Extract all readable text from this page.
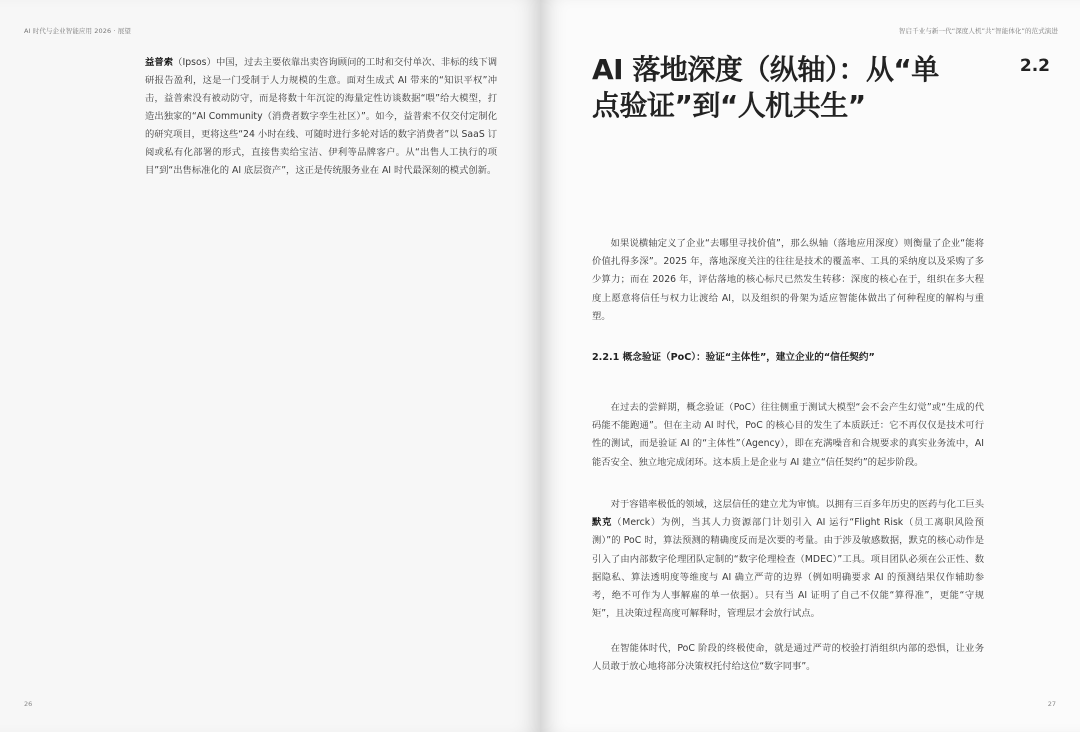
AI 时代与企业智能应用 2026 · 展望
益普索（Ipsos）中国，过去主要依靠出卖咨询顾问的工时和交付单次、非标的线下调研报告盈利，这是一门受制于人力规模的生意。面对生成式 AI 带来的“知识平权”冲击，益普索没有被动防守，而是将数十年沉淀的海量定性访谈数据“喂”给大模型，打造出独家的“AI Community（消费者数字孪生社区）”。如今，益普索不仅交付定制化的研究项目，更将这些“24 小时在线、可随时进行多轮对话的数字消费者”以 SaaS 订阅或私有化部署的形式，直接售卖给宝洁、伊利等品牌客户。从“出售人工执行的项目”到“出售标准化的 AI 底层资产”，这正是传统服务业在 AI 时代最深刻的模式创新。
26
智启千业与新一代“深度人机”共“智能体化”的范式演进
AI 落地深度（纵轴）：从“单点验证”到“人机共生”
2.2

如果说横轴定义了企业“去哪里寻找价值”，那么纵轴（落地应用深度）则衡量了企业“能将价值扎得多深”。2025 年，落地深度关注的往往是技术的覆盖率、工具的采纳度以及采购了多少算力；而在 2026 年，评估落地的核心标尺已然发生转移：深度的核心在于，组织在多大程度上愿意将信任与权力让渡给 AI，以及组织的骨架为适应智能体做出了何种程度的解构与重塑。

2.2.1 概念验证（PoC）：验证“主体性”，建立企业的“信任契约”

在过去的尝鲜期，概念验证（PoC）往往侧重于测试大模型“会不会产生幻觉”或“生成的代码能不能跑通”。但在主动 AI 时代，PoC 的核心目的发生了本质跃迁：它不再仅仅是技术可行性的测试，而是验证 AI 的“主体性”（Agency），即在充满噪音和合规要求的真实业务流中，AI 能否安全、独立地完成闭环。这本质上是企业与 AI 建立“信任契约”的起步阶段。

对于容错率极低的领域，这层信任的建立尤为审慎。以拥有三百多年历史的医药与化工巨头默克（Merck）为例，当其人力资源部门计划引入 AI 运行“Flight Risk（员工离职风险预测）”的 PoC 时，算法预测的精确度反而是次要的考量。由于涉及敏感数据，默克的核心动作是引入了由内部数字伦理团队定制的“数字伦理检查（MDEC）”工具。项目团队必须在公正性、数据隐私、算法透明度等维度与 AI 确立严苛的边界（例如明确要求 AI 的预测结果仅作辅助参考，绝不可作为人事解雇的单一依据）。只有当 AI 证明了自己不仅能“算得准”，更能“守规矩”，且决策过程高度可解释时，管理层才会放行试点。

在智能体时代，PoC 阶段的终极使命，就是通过严苛的校验打消组织内部的恐惧，让业务人员敢于放心地将部分决策权托付给这位“数字同事”。

27
